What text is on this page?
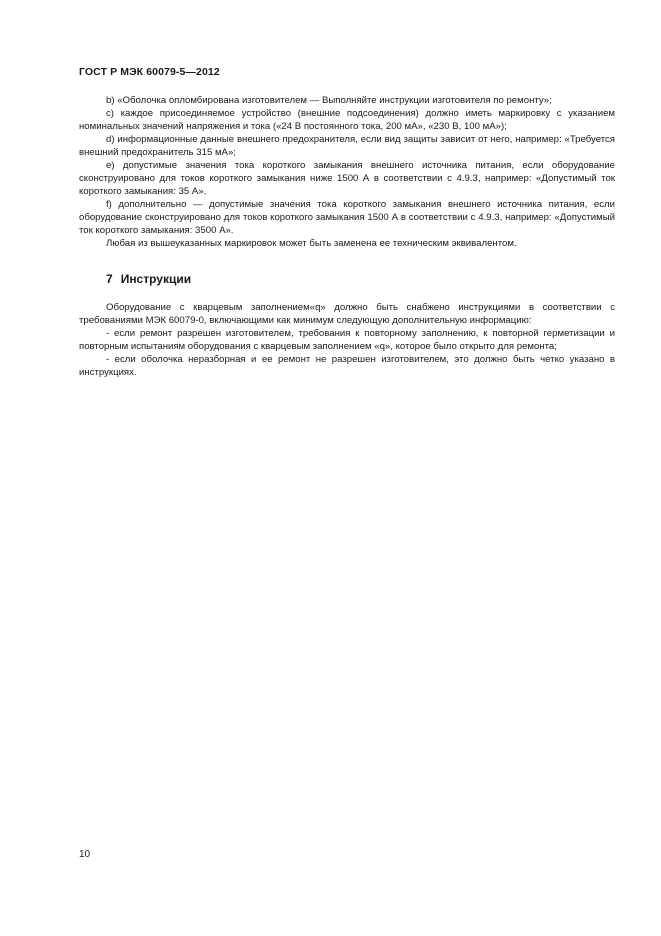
ГОСТ Р МЭК 60079-5—2012

b) «Оболочка оплoмбирована изготовителем — Выполняйте инструкции изготовителя по ремонту»;

c) каждое присоединяемое устройство (внешние подсоединения) должно иметь маркировку с указанием номинальных значений напряжения и тока («24 В постоянного тока, 200 мА», «230 В, 100 мА»);

d) информационные данные внешнего предохранителя, если вид защиты зависит от него, например: «Требуется внешний предохранитель 315 мА»;

e) допустимые значения тока короткого замыкания внешнего источника питания, если оборудование сконструировано для токов короткого замыкания ниже 1500 А в соответствии с 4.9.3, например: «Допустимый ток короткого замыкания: 35 А».

f) дополнительно — допустимые значения тока короткого замыкания внешнего источника питания, если оборудование сконструировано для токов короткого замыкания 1500 А в соответствии с 4.9.3, например: «Допустимый ток короткого замыкания: 3500 А».

Любая из вышеуказанных маркировок может быть заменена ее техническим эквивалентом.

7 Инструкции

Оборудование с кварцевым заполнением«q» должно быть снабжено инструкциями в соответствии с требованиями МЭК 60079-0, включающими как минимум следующую дополнительную информацию:

- если ремонт разрешен изготовителем, требования к повторному заполнению, к повторной герметизации и повторным испытаниям оборудования с кварцевым заполнением «q», которое было открыто для ремонта;

- если оболочка неразборная и ее ремонт не разрешен изготовителем, это должно быть четко указано в инструкциях.

10
